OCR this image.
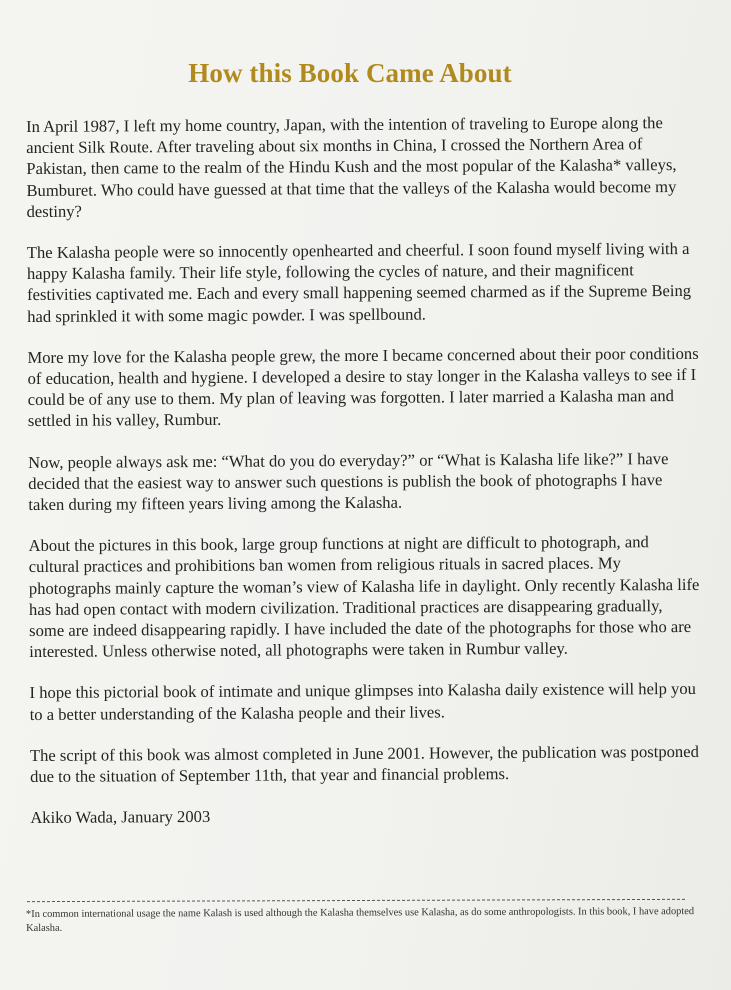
How this Book Came About

In April 1987, I left my home country, Japan, with the intention of traveling to Europe along the ancient Silk Route. After traveling about six months in China, I crossed the Northern Area of Pakistan, then came to the realm of the Hindu Kush and the most popular of the Kalasha* valleys, Bumburet. Who could have guessed at that time that the valleys of the Kalasha would become my destiny?

The Kalasha people were so innocently openhearted and cheerful. I soon found myself living with a happy Kalasha family. Their life style, following the cycles of nature, and their magnificent festivities captivated me. Each and every small happening seemed charmed as if the Supreme Being had sprinkled it with some magic powder. I was spellbound.

More my love for the Kalasha people grew, the more I became concerned about their poor conditions of education, health and hygiene. I developed a desire to stay longer in the Kalasha valleys to see if I could be of any use to them. My plan of leaving was forgotten. I later married a Kalasha man and settled in his valley, Rumbur.

Now, people always ask me: “What do you do everyday?” or “What is Kalasha life like?” I have decided that the easiest way to answer such questions is publish the book of photographs I have taken during my fifteen years living among the Kalasha.

About the pictures in this book, large group functions at night are difficult to photograph, and cultural practices and prohibitions ban women from religious rituals in sacred places. My photographs mainly capture the woman’s view of Kalasha life in daylight. Only recently Kalasha life has had open contact with modern civilization. Traditional practices are disappearing gradually, some are indeed disappearing rapidly. I have included the date of the photographs for those who are interested. Unless otherwise noted, all photographs were taken in Rumbur valley.

I hope this pictorial book of intimate and unique glimpses into Kalasha daily existence will help you to a better understanding of the Kalasha people and their lives.

The script of this book was almost completed in June 2001. However, the publication was postponed due to the situation of September 11th, that year and financial problems.

Akiko Wada, January 2003

*In common international usage the name Kalash is used although the Kalasha themselves use Kalasha, as do some anthropologists. In this book, I have adopted Kalasha.
